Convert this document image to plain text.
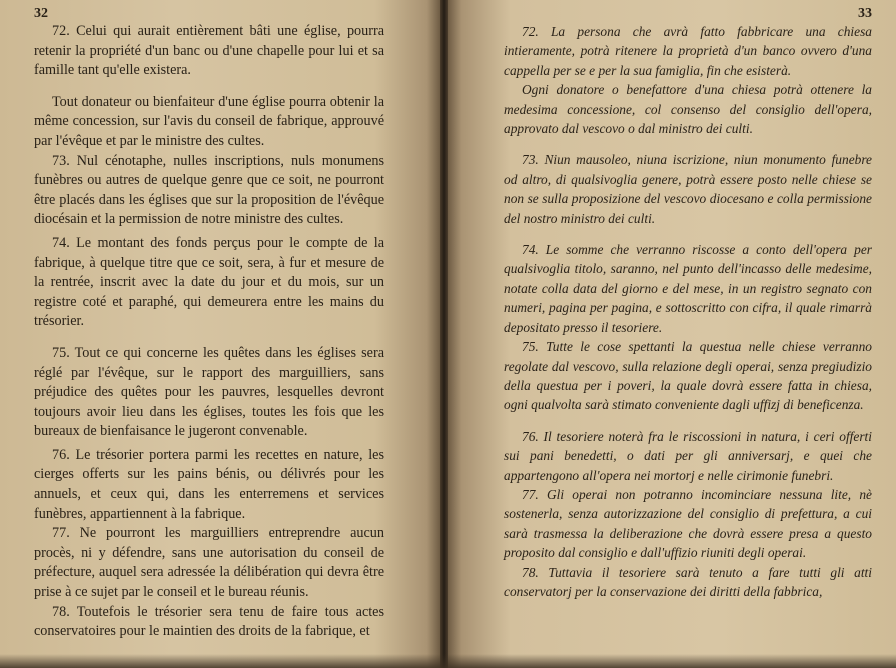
32

72. Celui qui aurait entièrement bâti une église, pourra retenir la propriété d'un banc ou d'une chapelle pour lui et sa famille tant qu'elle existera.

Tout donateur ou bienfaiteur d'une église pourra obtenir la même concession, sur l'avis du conseil de fabrique, approuvé par l'évêque et par le ministre des cultes.

73. Nul cénotaphe, nulles inscriptions, nuls monumens funèbres ou autres de quelque genre que ce soit, ne pourront être placés dans les églises que sur la proposition de l'évêque diocésain et la permission de notre ministre des cultes.

74. Le montant des fonds perçus pour le compte de la fabrique, à quelque titre que ce soit, sera, à fur et mesure de la rentrée, inscrit avec la date du jour et du mois, sur un registre coté et paraphé, qui demeurera entre les mains du trésorier.

75. Tout ce qui concerne les quêtes dans les églises sera réglé par l'évêque, sur le rapport des marguilliers, sans préjudice des quêtes pour les pauvres, lesquelles devront toujours avoir lieu dans les églises, toutes les fois que les bureaux de bienfaisance le jugeront convenable.

76. Le trésorier portera parmi les recettes en nature, les cierges offerts sur les pains bénis, ou délivrés pour les annuels, et ceux qui, dans les enterremens et services funèbres, appartiennent à la fabrique.

77. Ne pourront les marguilliers entreprendre aucun procès, ni y défendre, sans une autorisation du conseil de préfecture, auquel sera adressée la délibération qui devra être prise à ce sujet par le conseil et le bureau réunis.

78. Toutefois le trésorier sera tenu de faire tous actes conservatoires pour le maintien des droits de la fabrique, et

33

72. La persona che avrà fatto fabbricare una chiesa intieramente, potrà ritenere la proprietà d'un banco ovvero d'una cappella per se e per la sua famiglia, fin che esisterà.

Ogni donatore o benefattore d'una chiesa potrà ottenere la medesima concessione, col consenso del consiglio dell'opera, approvato dal vescovo o dal ministro dei culti.

73. Niun mausoleo, niuna iscrizione, niun monumento funebre od altro, di qualsivoglia genere, potrà essere posto nelle chiese se non se sulla proposizione del vescovo diocesano e colla permissione del nostro ministro dei culti.

74. Le somme che verranno riscosse a conto dell'opera per qualsivoglia titolo, saranno, nel punto dell'incasso delle medesime, notate colla data del giorno e del mese, in un registro segnato con numeri, pagina per pagina, e sottoscritto con cifra, il quale rimarrà depositato presso il tesoriere.

75. Tutte le cose spettanti la questua nelle chiese verranno regolate dal vescovo, sulla relazione degli operai, senza pregiudizio della questua per i poveri, la quale dovrà essere fatta in chiesa, ogni qualvolta sarà stimato conveniente dagli uffizj di beneficenza.

76. Il tesoriere noterà fra le riscossioni in natura, i ceri offerti sui pani benedetti, o dati per gli anniversarj, e quei che appartengono all'opera nei mortorj e nelle cirimonie funebri.

77. Gli operai non potranno incominciare nessuna lite, nè sostenerla, senza autorizzazione del consiglio di prefettura, a cui sarà trasmessa la deliberazione che dovrà essere presa a questo proposito dal consiglio e dall'uffizio riuniti degli operai.

78. Tuttavia il tesoriere sarà tenuto a fare tutti gli atti conservatorj per la conservazione dei diritti della fabbrica,
